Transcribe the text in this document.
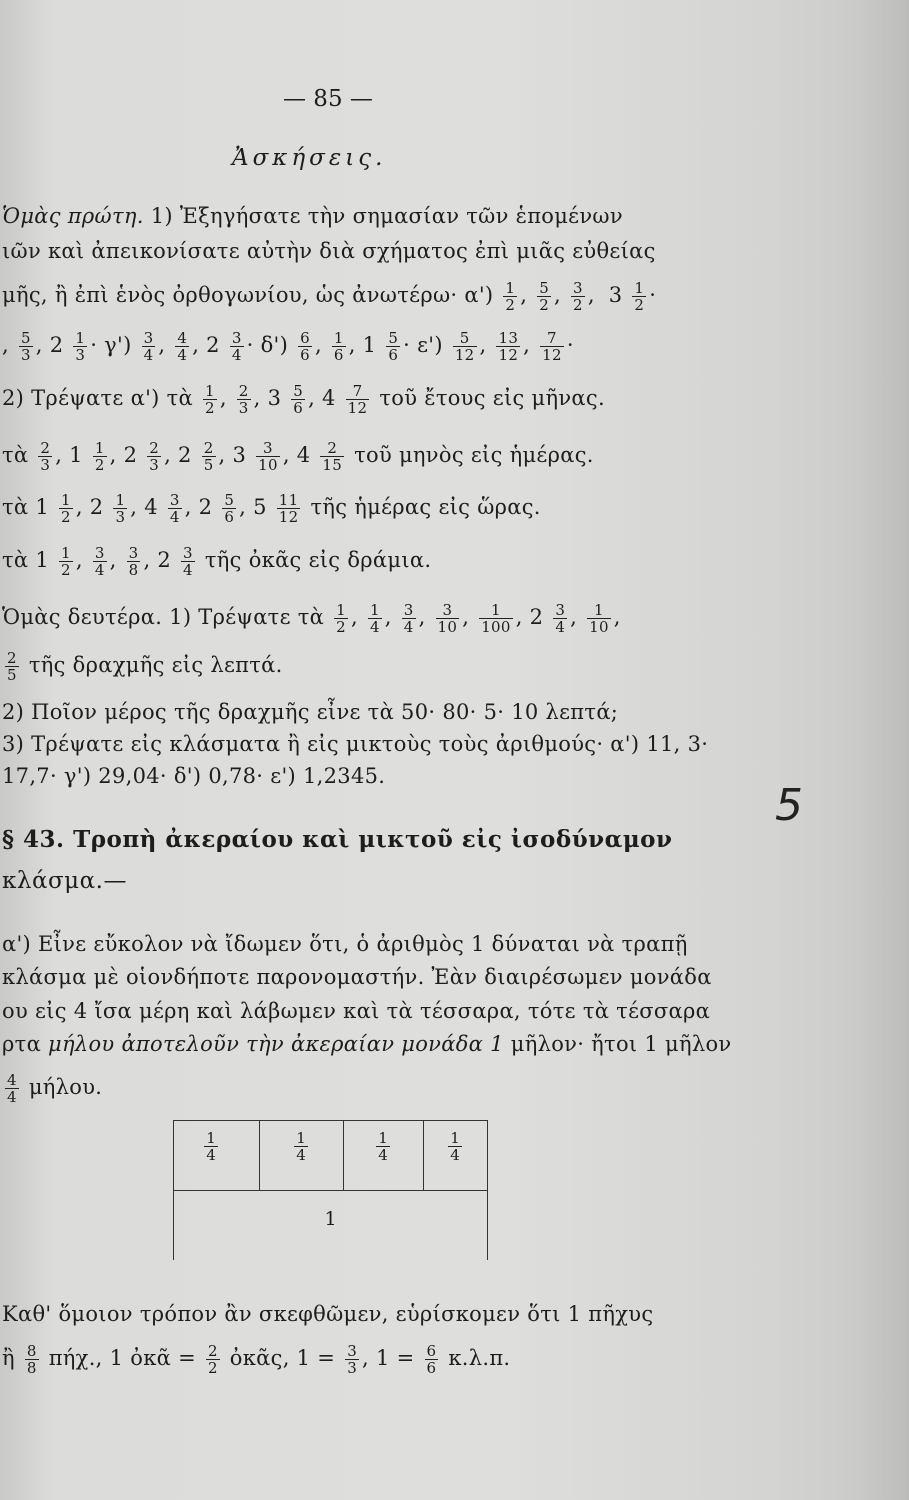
— 85 —
Ἀσκήσεις.
Ὁμὰς πρώτη. 1) Ἐξηγήσατε τὴν σημασίαν τῶν ἑπομένων
ιῶν καὶ ἀπεικονίσατε αὐτὴν διὰ σχήματος ἐπὶ μιᾶς εὐθείας
μῆς, ἢ ἐπὶ ἑνὸς ὀρθογωνίου, ὡς ἀνωτέρω· $\alpha') \frac{1}{2}$ , $\frac{5}{2}$ , $\frac{3}{2}$ ,  $3 \frac{1}{2}$ ·
, $\frac{5}{3}$ , $2 \frac{1}{3} \cdot \gamma') \frac{3}{4}$ , $\frac{4}{4}$ , $2 \frac{3}{4} \cdot \delta') \frac{6}{6}$ , $\frac{1}{6}$ , $1 \frac{5}{6} \cdot \varepsilon') \frac{5}{12}$ , $\frac{13}{12}$ , $\frac{7}{12}$ ·
2) Τρέψατε α') τὰ $\frac{1}{2}$ , $\frac{2}{3}$ , $3 \frac{5}{6}$ , $4 \frac{7}{12}$ τοῦ ἔτους εἰς μῆνας.
τὰ $\frac{2}{3}$ , $1 \frac{1}{2}$ , $2 \frac{2}{3}$ , $2 \frac{2}{5}$ , $3 \frac{3}{10}$ , $4 \frac{2}{15}$ τοῦ μηνὸς εἰς ἡμέρας.
τὰ $1 \frac{1}{2}$ , $2 \frac{1}{3}$ , $4 \frac{3}{4}$ , $2 \frac{5}{6}$ , $5 \frac{11}{12}$ τῆς ἡμέρας εἰς ὥρας.
τὰ $1 \frac{1}{2}$ , $\frac{3}{4}$ , $\frac{3}{8}$ , $2 \frac{3}{4}$ τῆς ὀκᾶς εἰς δράμια.
Ὁμὰς δευτέρα. 1) Τρέψατε τὰ $\frac{1}{2}$ , $\frac{1}{4}$ , $\frac{3}{4}$ , $\frac{3}{10}$ , $\frac{1}{100}$ , $2 \frac{3}{4}$ , $\frac{1}{10}$ ,
$\frac{2}{5}$ τῆς δραχμῆς εἰς λεπτά.
2) Ποῖον μέρος τῆς δραχμῆς εἶνε τὰ 50· 80· 5· 10 λεπτά;
3) Τρέψατε εἰς κλάσματα ἢ εἰς μικτοὺς τοὺς ἀριθμούς· α') 11, 3·
17,7· γ') 29,04· δ') 0,78· ε') 1,2345.
5
§ 43. Τροπὴ ἀκεραίου καὶ μικτοῦ εἰς ἰσοδύναμον
κλάσμα.—
α') Εἶνε εὔκολον νὰ ἴδωμεν ὅτι, ὁ ἀριθμὸς 1 δύναται νὰ τραπῇ
κλάσμα μὲ οἱονδήποτε παρονομαστήν. Ἐὰν διαιρέσωμεν μονάδα
ου εἰς 4 ἴσα μέρη καὶ λάβωμεν καὶ τὰ τέσσαρα, τότε τὰ τέσσαρα
ρτα μήλου ἀποτελοῦν τὴν ἀκεραίαν μονάδα 1 μῆλον· ἤτοι 1 μῆλον
$\frac{4}{4} \mu ή\lambda o\upsilon$.
$\frac{1}{4}$	$\frac{1}{4}$	$\frac{1}{4}$	$\frac{1}{4}$
1
Καθ' ὅμοιον τρόπον ἂν σκεφθῶμεν, εὑρίσκομεν ὅτι 1 πῆχυς
ἢ $\frac{8}{8} \pi ή\chi$., 1 ὀκᾶ = $\frac{2}{2}$ ὀκᾶς, $1 = \frac{3}{3}$ , $1 = \frac{6}{6} \kappa.\lambda.\pi$.
